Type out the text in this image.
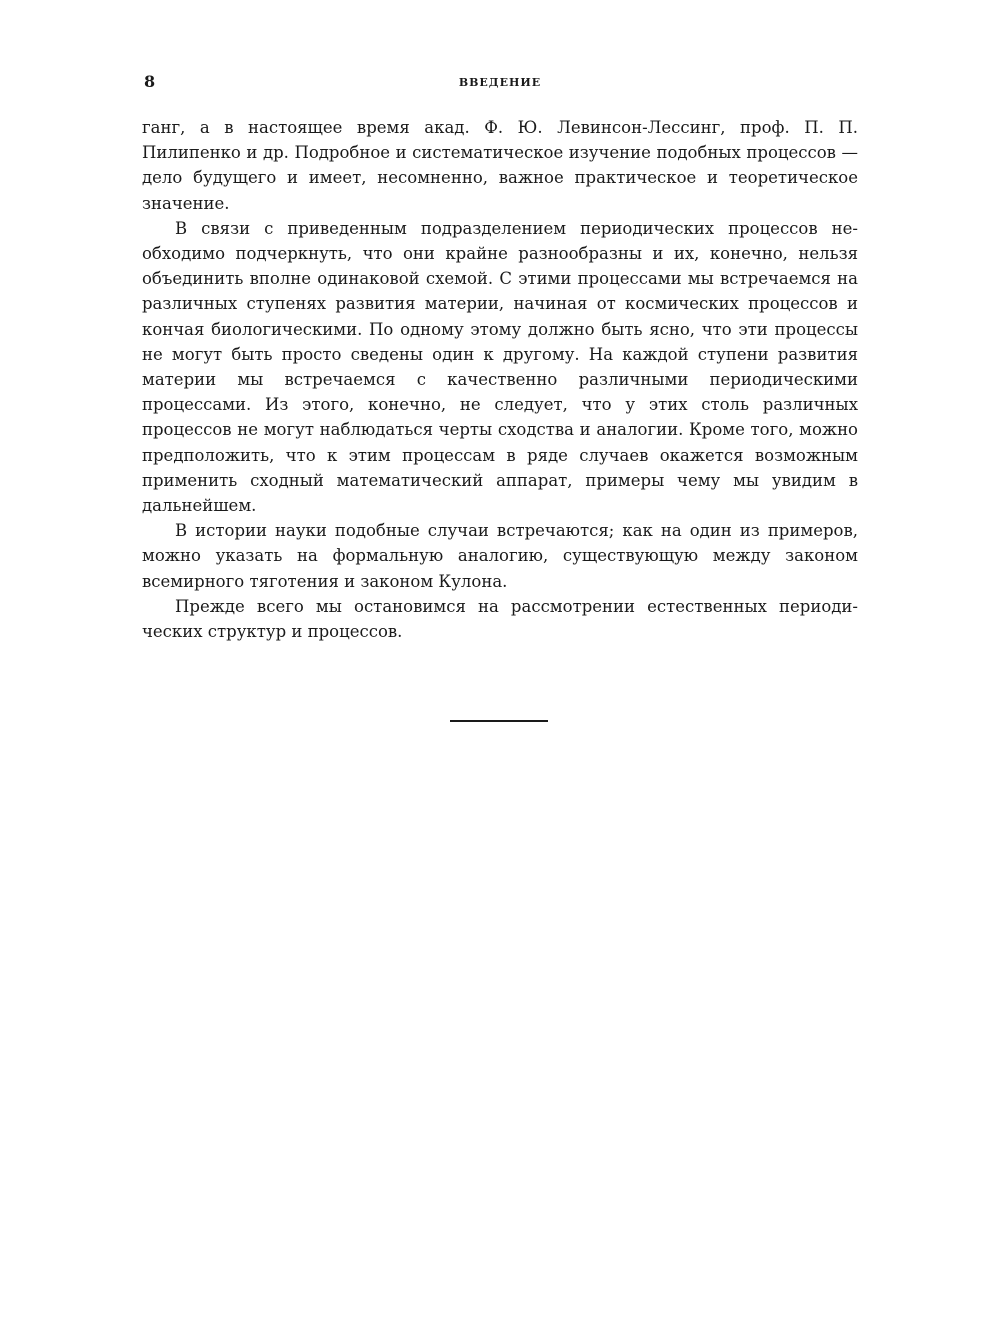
8	ВВЕДЕНИЕ

ганг, а в настоящее время акад. Ф. Ю. Левинсон-Лессинг, проф. П. П. Пилипенко и др. Подробное и систематическое изучение подобных процессов — дело будущего и имеет, несомненно, важное практическое и теоретическое значение.

В связи с приведенным подразделением периодических процессов необходимо подчеркнуть, что они крайне разнообразны и их, конечно, нельзя объединить вполне одинаковой схемой. С этими процессами мы встречаемся на различных ступенях развития материи, начиная от космических процессов и кончая биологическими. По одному этому должно быть ясно, что эти процессы не могут быть просто сведены один к другому. На каждой ступени развития материи мы встречаемся с качественно различными периодическими процессами. Из этого, конечно, не следует, что у этих столь различных процессов не могут наблюдаться черты сходства и аналогии. Кроме того, можно предположить, что к этим процессам в ряде случаев окажется возможным применить сходный математический аппарат, примеры чему мы увидим в дальнейшем.

В истории науки подобные случаи встречаются; как на один из примеров, можно указать на формальную аналогию, существующую между законом всемирного тяготения и законом Кулона.

Прежде всего мы остановимся на рассмотрении естественных периодических структур и процессов.
